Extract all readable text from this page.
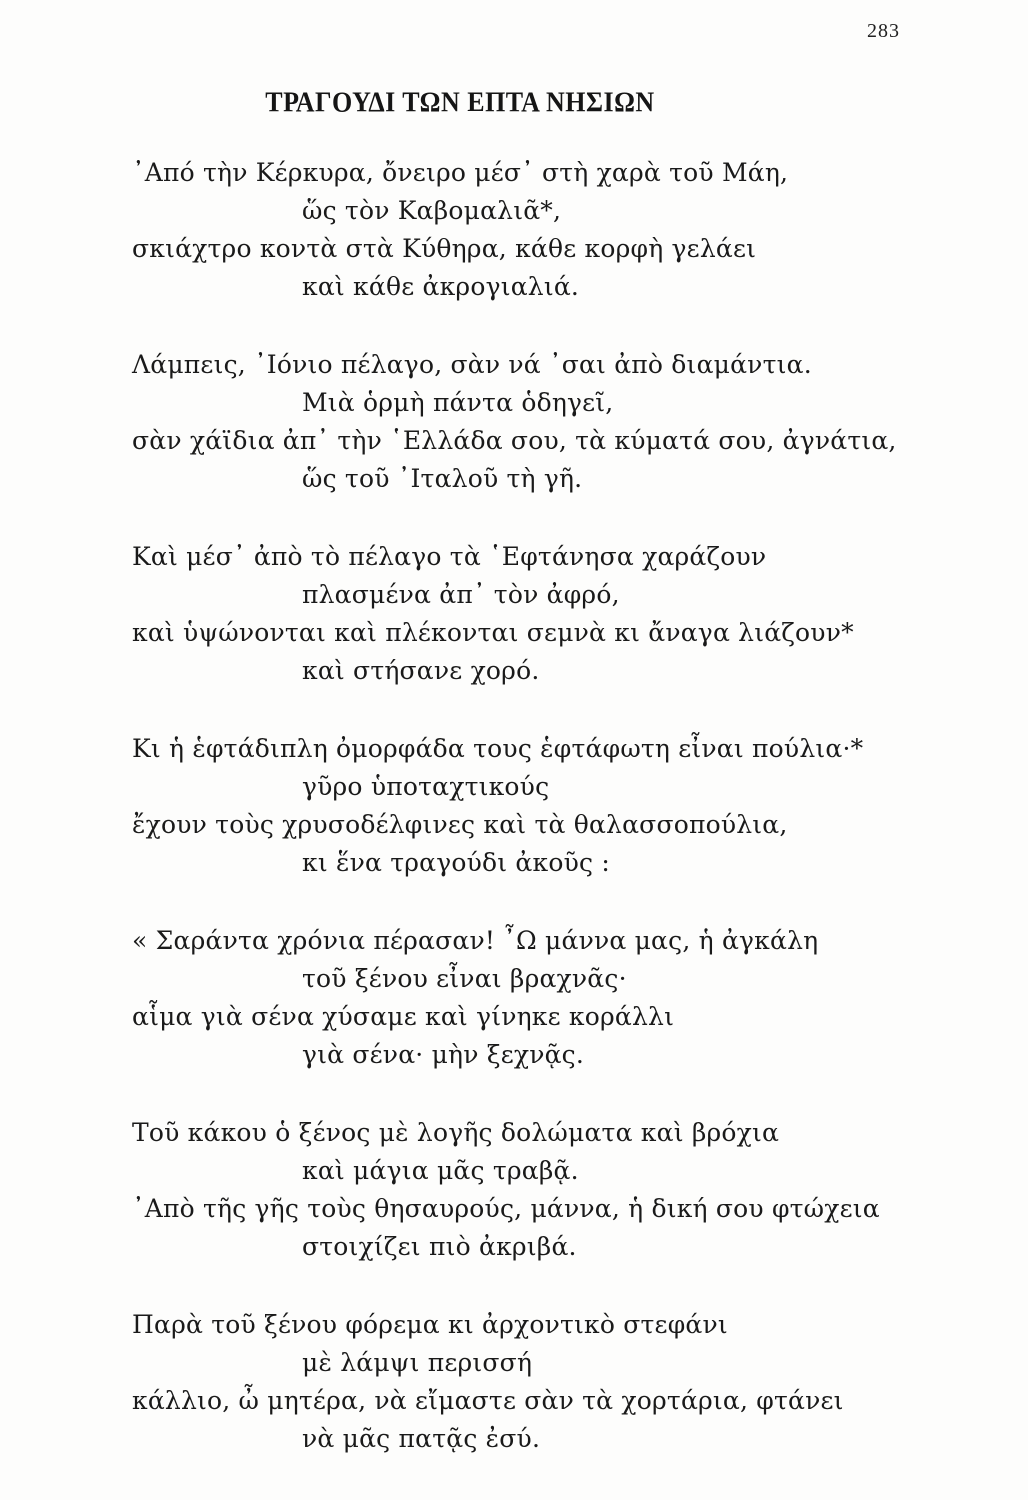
283
ΤΡΑΓΟΥΔΙ ΤΩΝ ΕΠΤΑ ΝΗΣΙΩΝ
᾿Από τὴν Κέρκυρα, ὄνειρο μέσ᾿ στὴ χαρὰ τοῦ Μάη,
ὥς τὸν Καβομαλιᾶ*,
σκιάχτρο κοντὰ στὰ Κύθηρα, κάθε κορφὴ γελάει
καὶ κάθε ἀκρογιαλιά.
Λάμπεις, ᾿Ιόνιο πέλαγο, σὰν νά ᾿σαι ἀπὸ διαμάντια.
Μιὰ ὁρμὴ πάντα ὁδηγεῖ,
σὰν χάϊδια ἀπ᾿ τὴν ῾Ελλάδα σου, τὰ κύματά σου, ἀγνάτια,
ὥς τοῦ ᾿Ιταλοῦ τὴ γῆ.
Καὶ μέσ᾿ ἀπὸ τὸ πέλαγο τὰ ῾Εφτάνησα χαράζουν
πλασμένα ἀπ᾿ τὸν ἀφρό,
καὶ ὑψώνονται καὶ πλέκονται σεμνὰ κι ἄναγα λιάζουν*
καὶ στήσανε χορό.
Κι ἡ ἑφτάδιπλη ὀμορφάδα τους ἑφτάφωτη εἶναι πούλια·*
γῦρο ὑποταχτικούς
ἔχουν τοὺς χρυσοδέλφινες καὶ τὰ θαλασσοπούλια,
κι ἕνα τραγούδι ἀκοῦς :
« Σαράντα χρόνια πέρασαν! ῏Ω μάννα μας, ἡ ἀγκάλη
τοῦ ξένου εἶναι βραχνᾶς·
αἷμα γιὰ σένα χύσαμε καὶ γίνηκε κοράλλι
γιὰ σένα· μὴν ξεχνᾷς.
Τοῦ κάκου ὁ ξένος μὲ λογῆς δολώματα καὶ βρόχια
καὶ μάγια μᾶς τραβᾷ.
᾿Απὸ τῆς γῆς τοὺς θησαυρούς, μάννα, ἡ δική σου φτώχεια
στοιχίζει πιὸ ἀκριβά.
Παρὰ τοῦ ξένου φόρεμα κι ἀρχοντικὸ στεφάνι
μὲ λάμψι περισσή
κάλλιο, ὦ μητέρα, νὰ εἴμαστε σὰν τὰ χορτάρια, φτάνει
νὰ μᾶς πατᾷς ἐσύ.
